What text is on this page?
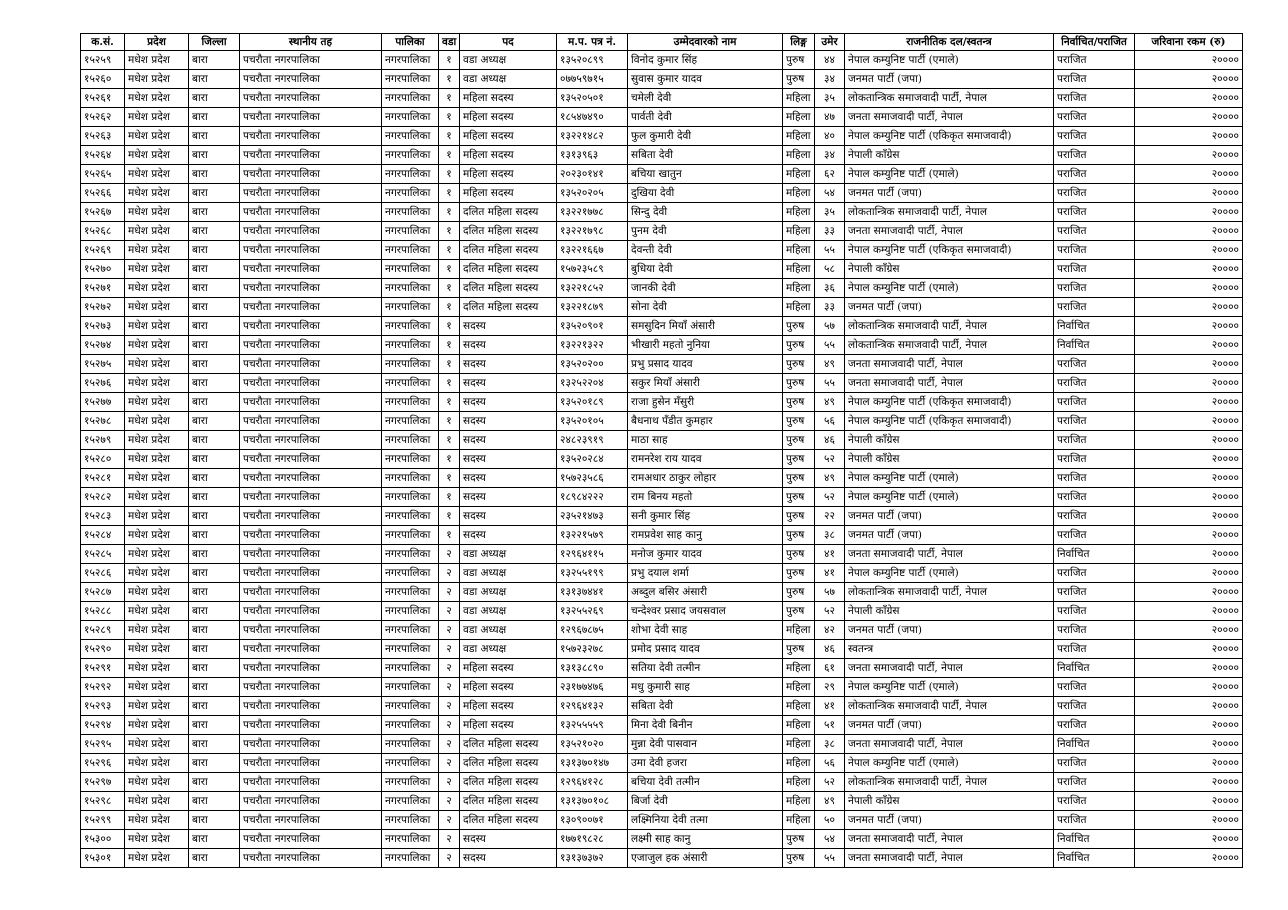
क.सं.	प्रदेश	जिल्ला	स्थानीय तह	पालिका	वडा	पद	म.प. पत्र नं.	उम्मेदवारको नाम	लिङ्ग	उमेर	राजनीतिक दल/स्वतन्त्र	निर्वाचित/पराजित	जरिवाना रकम (रु)
१५२५९	मधेश प्रदेश	बारा	पचरौता नगरपालिका	नगरपालिका	१	वडा अध्यक्ष	१३५२०८९९	विनोद कुमार सिंह	पुरुष	४४	नेपाल कम्युनिष्ट पार्टी (एमाले)	पराजित	२००००
१५२६०	मधेश प्रदेश	बारा	पचरौता नगरपालिका	नगरपालिका	१	वडा अध्यक्ष	०७७५९७१५	सुवास कुमार यादव	पुरुष	३४	जनमत पार्टी (जपा)	पराजित	२००००
१५२६१	मधेश प्रदेश	बारा	पचरौता नगरपालिका	नगरपालिका	१	महिला सदस्य	१३५२०५०१	चमेली देवी	महिला	३५	लोकतान्त्रिक समाजवादी पार्टी, नेपाल	पराजित	२००००
१५२६२	मधेश प्रदेश	बारा	पचरौता नगरपालिका	नगरपालिका	१	महिला सदस्य	१८५४७४९०	पार्वती देवी	महिला	४७	जनता समाजवादी पार्टी, नेपाल	पराजित	२००००
१५२६३	मधेश प्रदेश	बारा	पचरौता नगरपालिका	नगरपालिका	१	महिला सदस्य	१३२२१४८२	फुल कुमारी देवी	महिला	४०	नेपाल कम्युनिष्ट पार्टी (एकिकृत समाजवादी)	पराजित	२००००
१५२६४	मधेश प्रदेश	बारा	पचरौता नगरपालिका	नगरपालिका	१	महिला सदस्य	१३१३९६३	सबिता देवी	महिला	३४	नेपाली काँग्रेस	पराजित	२००००
१५२६५	मधेश प्रदेश	बारा	पचरौता नगरपालिका	नगरपालिका	१	महिला सदस्य	२०२३०१४१	बचिया खातुन	महिला	६२	नेपाल कम्युनिष्ट पार्टी (एमाले)	पराजित	२००००
१५२६६	मधेश प्रदेश	बारा	पचरौता नगरपालिका	नगरपालिका	१	महिला सदस्य	१३५२०२०५	दुखिया देवी	महिला	५४	जनमत पार्टी (जपा)	पराजित	२००००
१५२६७	मधेश प्रदेश	बारा	पचरौता नगरपालिका	नगरपालिका	१	दलित महिला सदस्य	१३२२१७७८	सिन्दु देवी	महिला	३५	लोकतान्त्रिक समाजवादी पार्टी, नेपाल	पराजित	२००००
१५२६८	मधेश प्रदेश	बारा	पचरौता नगरपालिका	नगरपालिका	१	दलित महिला सदस्य	१३२२१७९८	पुनम देवी	महिला	३३	जनता समाजवादी पार्टी, नेपाल	पराजित	२००००
१५२६९	मधेश प्रदेश	बारा	पचरौता नगरपालिका	नगरपालिका	१	दलित महिला सदस्य	१३२२१६६७	देवन्ती देवी	महिला	५५	नेपाल कम्युनिष्ट पार्टी (एकिकृत समाजवादी)	पराजित	२००००
१५२७०	मधेश प्रदेश	बारा	पचरौता नगरपालिका	नगरपालिका	१	दलित महिला सदस्य	१५७२३५८९	बुधिया देवी	महिला	५८	नेपाली काँग्रेस	पराजित	२००००
१५२७१	मधेश प्रदेश	बारा	पचरौता नगरपालिका	नगरपालिका	१	दलित महिला सदस्य	१३२२१८५२	जानकी देवी	महिला	३६	नेपाल कम्युनिष्ट पार्टी (एमाले)	पराजित	२००००
१५२७२	मधेश प्रदेश	बारा	पचरौता नगरपालिका	नगरपालिका	१	दलित महिला सदस्य	१३२२१८७९	सोना देवी	महिला	३३	जनमत पार्टी (जपा)	पराजित	२००००
१५२७३	मधेश प्रदेश	बारा	पचरौता नगरपालिका	नगरपालिका	१	सदस्य	१३५२०९०१	समसुदिन मियाँ अंसारी	पुरुष	५७	लोकतान्त्रिक समाजवादी पार्टी, नेपाल	निर्वाचित	२००००
१५२७४	मधेश प्रदेश	बारा	पचरौता नगरपालिका	नगरपालिका	१	सदस्य	१३२२१३२२	भीखारी महतो नुनिया	पुरुष	५५	लोकतान्त्रिक समाजवादी पार्टी, नेपाल	निर्वाचित	२००००
१५२७५	मधेश प्रदेश	बारा	पचरौता नगरपालिका	नगरपालिका	१	सदस्य	१३५२०२००	प्रभु प्रसाद यादव	पुरुष	४९	जनता समाजवादी पार्टी, नेपाल	पराजित	२००००
१५२७६	मधेश प्रदेश	बारा	पचरौता नगरपालिका	नगरपालिका	१	सदस्य	१३२५२२०४	सकुर मियाँ अंसारी	पुरुष	५५	जनता समाजवादी पार्टी, नेपाल	पराजित	२००००
१५२७७	मधेश प्रदेश	बारा	पचरौता नगरपालिका	नगरपालिका	१	सदस्य	१३५२०१८९	राजा हुसेन मँसुरी	पुरुष	४९	नेपाल कम्युनिष्ट पार्टी (एकिकृत समाजवादी)	पराजित	२००००
१५२७८	मधेश प्रदेश	बारा	पचरौता नगरपालिका	नगरपालिका	१	सदस्य	१३५२०१०५	बैधनाथ पँडीत कुमहार	पुरुष	५६	नेपाल कम्युनिष्ट पार्टी (एकिकृत समाजवादी)	पराजित	२००००
१५२७९	मधेश प्रदेश	बारा	पचरौता नगरपालिका	नगरपालिका	१	सदस्य	२४८२३९१९	माठा साह	पुरुष	४६	नेपाली काँग्रेस	पराजित	२००००
१५२८०	मधेश प्रदेश	बारा	पचरौता नगरपालिका	नगरपालिका	१	सदस्य	१३५२०२८४	रामनरेश राय यादव	पुरुष	५२	नेपाली काँग्रेस	पराजित	२००००
१५२८१	मधेश प्रदेश	बारा	पचरौता नगरपालिका	नगरपालिका	१	सदस्य	१५७२३५८६	रामअधार ठाकुर लोहार	पुरुष	४९	नेपाल कम्युनिष्ट पार्टी (एमाले)	पराजित	२००००
१५२८२	मधेश प्रदेश	बारा	पचरौता नगरपालिका	नगरपालिका	१	सदस्य	१८९८४२२२	राम बिनय महतो	पुरुष	५२	नेपाल कम्युनिष्ट पार्टी (एमाले)	पराजित	२००००
१५२८३	मधेश प्रदेश	बारा	पचरौता नगरपालिका	नगरपालिका	१	सदस्य	२३५२१४७३	सनी कुमार सिंह	पुरुष	२२	जनमत पार्टी (जपा)	पराजित	२००००
१५२८४	मधेश प्रदेश	बारा	पचरौता नगरपालिका	नगरपालिका	१	सदस्य	१३२२१५७९	रामप्रवेश साह कानु	पुरुष	३८	जनमत पार्टी (जपा)	पराजित	२००००
१५२८५	मधेश प्रदेश	बारा	पचरौता नगरपालिका	नगरपालिका	२	वडा अध्यक्ष	१२९६४११५	मनोज कुमार यादव	पुरुष	४१	जनता समाजवादी पार्टी, नेपाल	निर्वाचित	२००००
१५२८६	मधेश प्रदेश	बारा	पचरौता नगरपालिका	नगरपालिका	२	वडा अध्यक्ष	१३२५५१९९	प्रभु दयाल शर्मा	पुरुष	४१	नेपाल कम्युनिष्ट पार्टी (एमाले)	पराजित	२००००
१५२८७	मधेश प्रदेश	बारा	पचरौता नगरपालिका	नगरपालिका	२	वडा अध्यक्ष	१३१३७४४१	अब्दुल बसिर अंसारी	पुरुष	५७	लोकतान्त्रिक समाजवादी पार्टी, नेपाल	पराजित	२००००
१५२८८	मधेश प्रदेश	बारा	पचरौता नगरपालिका	नगरपालिका	२	वडा अध्यक्ष	१३२५५२६९	चन्देश्वर प्रसाद जयसवाल	पुरुष	५२	नेपाली काँग्रेस	पराजित	२००००
१५२८९	मधेश प्रदेश	बारा	पचरौता नगरपालिका	नगरपालिका	२	वडा अध्यक्ष	१२९६७८७५	शोभा देवी साह	महिला	४२	जनमत पार्टी (जपा)	पराजित	२००००
१५२९०	मधेश प्रदेश	बारा	पचरौता नगरपालिका	नगरपालिका	२	वडा अध्यक्ष	१५७२३२७८	प्रमोद प्रसाद यादव	पुरुष	४६	स्वतन्त्र	पराजित	२००००
१५२९१	मधेश प्रदेश	बारा	पचरौता नगरपालिका	नगरपालिका	२	महिला सदस्य	१३१३८८९०	सतिया देवी तत्मीन	महिला	६१	जनता समाजवादी पार्टी, नेपाल	निर्वाचित	२००००
१५२९२	मधेश प्रदेश	बारा	पचरौता नगरपालिका	नगरपालिका	२	महिला सदस्य	२३१७७४७६	मधु कुमारी साह	महिला	२९	नेपाल कम्युनिष्ट पार्टी (एमाले)	पराजित	२००००
१५२९३	मधेश प्रदेश	बारा	पचरौता नगरपालिका	नगरपालिका	२	महिला सदस्य	१२९६४१३२	सबिता देवी	महिला	४१	लोकतान्त्रिक समाजवादी पार्टी, नेपाल	पराजित	२००००
१५२९४	मधेश प्रदेश	बारा	पचरौता नगरपालिका	नगरपालिका	२	महिला सदस्य	१३२५५५५९	मिना देवी बिनीन	महिला	५१	जनमत पार्टी (जपा)	पराजित	२००००
१५२९५	मधेश प्रदेश	बारा	पचरौता नगरपालिका	नगरपालिका	२	दलित महिला सदस्य	१३५२१०२०	मुन्ना देवी पासवान	महिला	३८	जनता समाजवादी पार्टी, नेपाल	निर्वाचित	२००००
१५२९६	मधेश प्रदेश	बारा	पचरौता नगरपालिका	नगरपालिका	२	दलित महिला सदस्य	१३१३७०१४७	उमा देवी हजरा	महिला	५६	नेपाल कम्युनिष्ट पार्टी (एमाले)	पराजित	२००००
१५२९७	मधेश प्रदेश	बारा	पचरौता नगरपालिका	नगरपालिका	२	दलित महिला सदस्य	१२९६४१२८	बचिया देवी तत्मीन	महिला	५२	लोकतान्त्रिक समाजवादी पार्टी, नेपाल	पराजित	२००००
१५२९८	मधेश प्रदेश	बारा	पचरौता नगरपालिका	नगरपालिका	२	दलित महिला सदस्य	१३१३७०१०८	बिर्जा देवी	महिला	४९	नेपाली काँग्रेस	पराजित	२००००
१५२९९	मधेश प्रदेश	बारा	पचरौता नगरपालिका	नगरपालिका	२	दलित महिला सदस्य	१३०९००७१	लक्ष्मिनिया देवी तत्मा	महिला	५०	जनमत पार्टी (जपा)	पराजित	२००००
१५३००	मधेश प्रदेश	बारा	पचरौता नगरपालिका	नगरपालिका	२	सदस्य	१७७१९८२८	लक्ष्मी साह कानु	पुरुष	५४	जनता समाजवादी पार्टी, नेपाल	निर्वाचित	२००००
१५३०१	मधेश प्रदेश	बारा	पचरौता नगरपालिका	नगरपालिका	२	सदस्य	१३१३७३७२	एजाजुल हक अंसारी	पुरुष	५५	जनता समाजवादी पार्टी, नेपाल	निर्वाचित	२००००
